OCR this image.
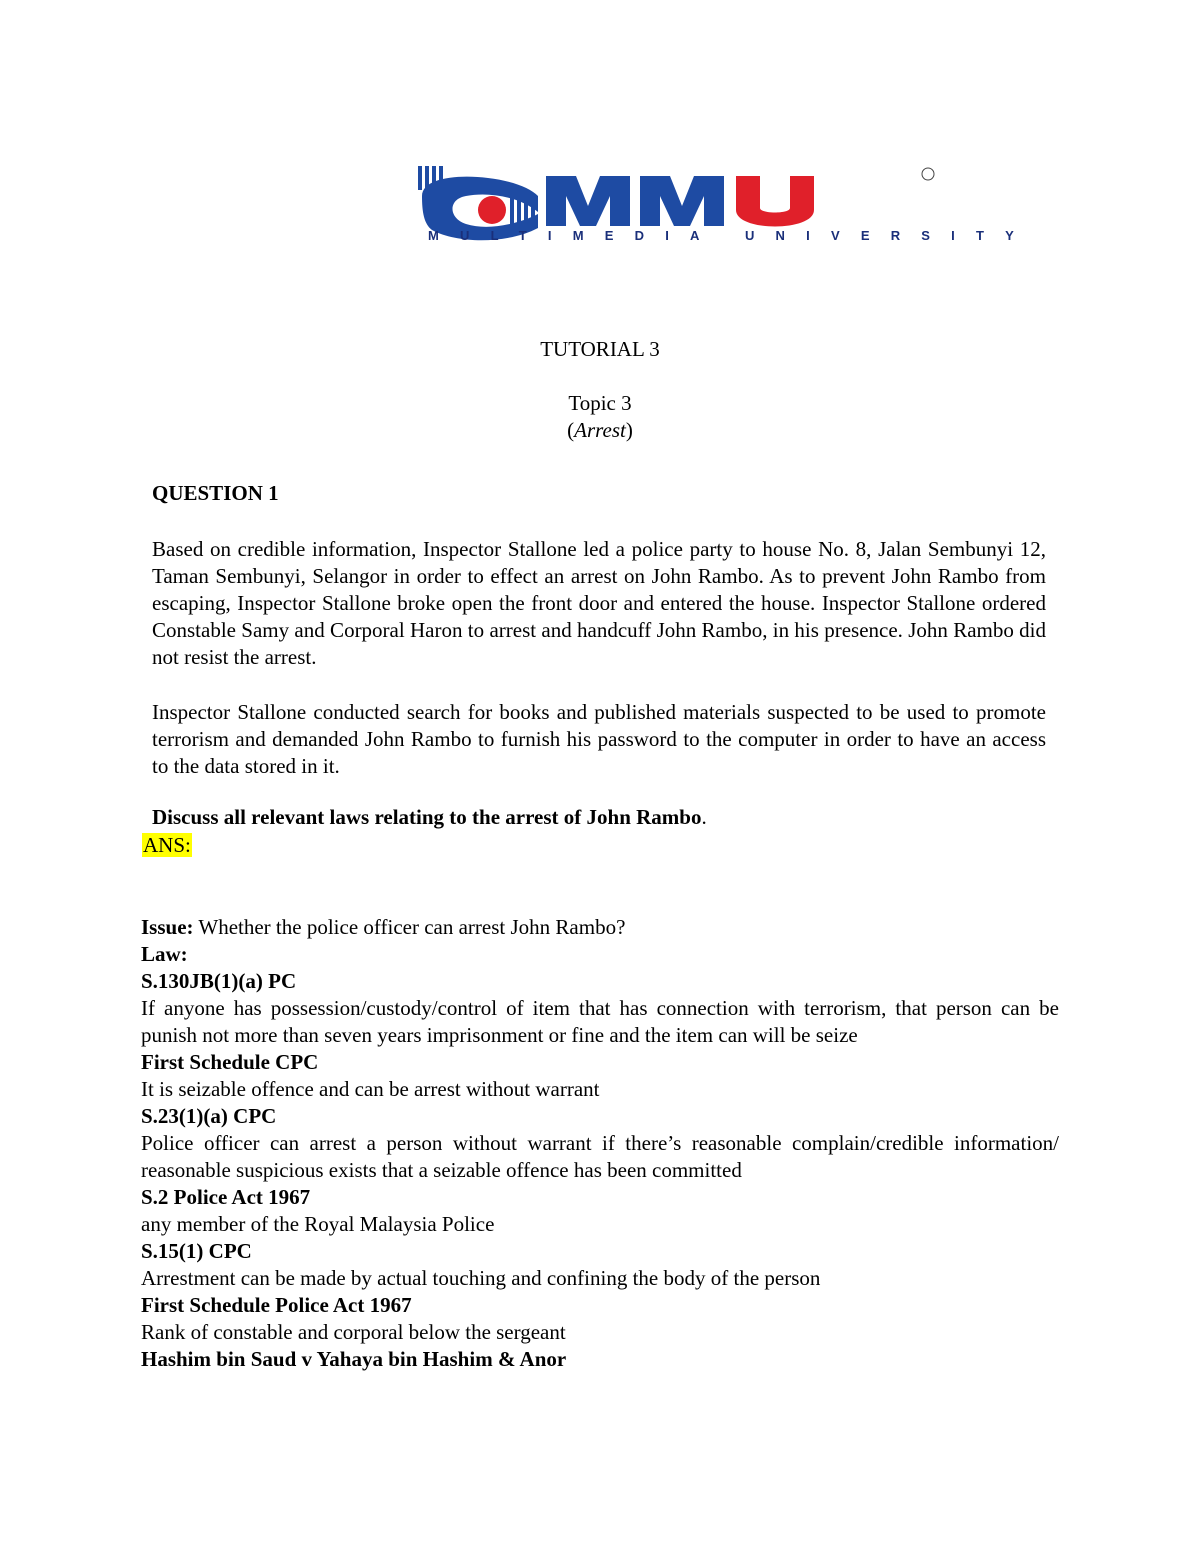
MULTIMEDIA UNIVERSITY
TUTORIAL 3
Topic 3
(Arrest)
QUESTION 1

Based on credible information, Inspector Stallone led a police party to house No. 8, Jalan Sembunyi 12, Taman Sembunyi, Selangor in order to effect an arrest on John Rambo. As to prevent John Rambo from escaping, Inspector Stallone broke open the front door and entered the house. Inspector Stallone ordered Constable Samy and Corporal Haron to arrest and handcuff John Rambo, in his presence. John Rambo did not resist the arrest.

Inspector Stallone conducted search for books and published materials suspected to be used to promote terrorism and demanded John Rambo to furnish his password to the computer in order to have an access to the data stored in it.

Discuss all relevant laws relating to the arrest of John Rambo.
ANS:

Issue: Whether the police officer can arrest John Rambo?

Law:

S.130JB(1)(a) PC

If anyone has possession/custody/control of item that has connection with terrorism, that person can be punish not more than seven years imprisonment or fine and the item can will be seize

First Schedule CPC

It is seizable offence and can be arrest without warrant

S.23(1)(a) CPC

Police officer can arrest a person without warrant if there’s reasonable complain/credible information/ reasonable suspicious exists that a seizable offence has been committed

S.2 Police Act 1967

any member of the Royal Malaysia Police

S.15(1) CPC

Arrestment can be made by actual touching and confining the body of the person

First Schedule Police Act 1967

Rank of constable and corporal below the sergeant

Hashim bin Saud v Yahaya bin Hashim & Anor
